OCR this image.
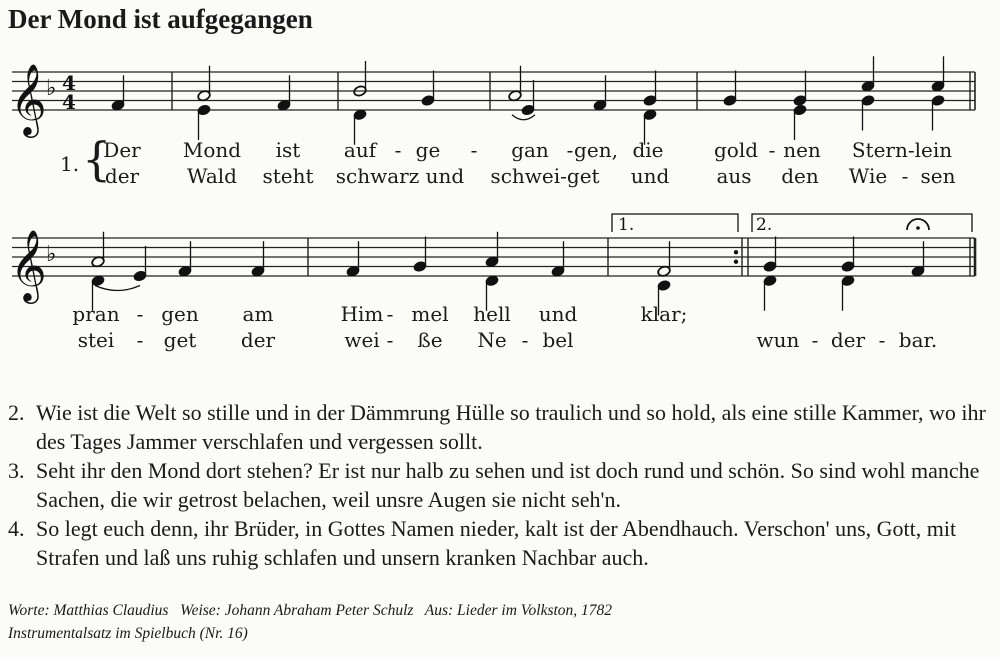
Der Mond ist aufgegangen
𝄞 ♭ 4
4
𝄞 ♭
1.	2.
Der Mond ist auf - ge - gan - gen, die	gold - nen Stern-lein
der Wald steht schwarz und schwei-get und aus den Wie - sen
pran - gen am	Him - mel hell und	klar;
stei - get der	wei - ße Ne - bel	wun - der - bar.
1. {
2. Wie ist die Welt so stille und in der Dämmrung Hülle so traulich und so hold, als eine stille Kammer, wo ihr des Tages Jammer verschlafen und vergessen sollt.
3. Seht ihr den Mond dort stehen? Er ist nur halb zu sehen und ist doch rund und schön. So sind wohl manche Sachen, die wir getrost belachen, weil unsre Augen sie nicht seh'n.
4. So legt euch denn, ihr Brüder, in Gottes Namen nieder, kalt ist der Abendhauch. Verschon' uns, Gott, mit Strafen und laß uns ruhig schlafen und unsern kranken Nachbar auch.
Worte: Matthias Claudius   Weise: Johann Abraham Peter Schulz   Aus: Lieder im Volkston, 1782
Instrumentalsatz im Spielbuch (Nr. 16)
